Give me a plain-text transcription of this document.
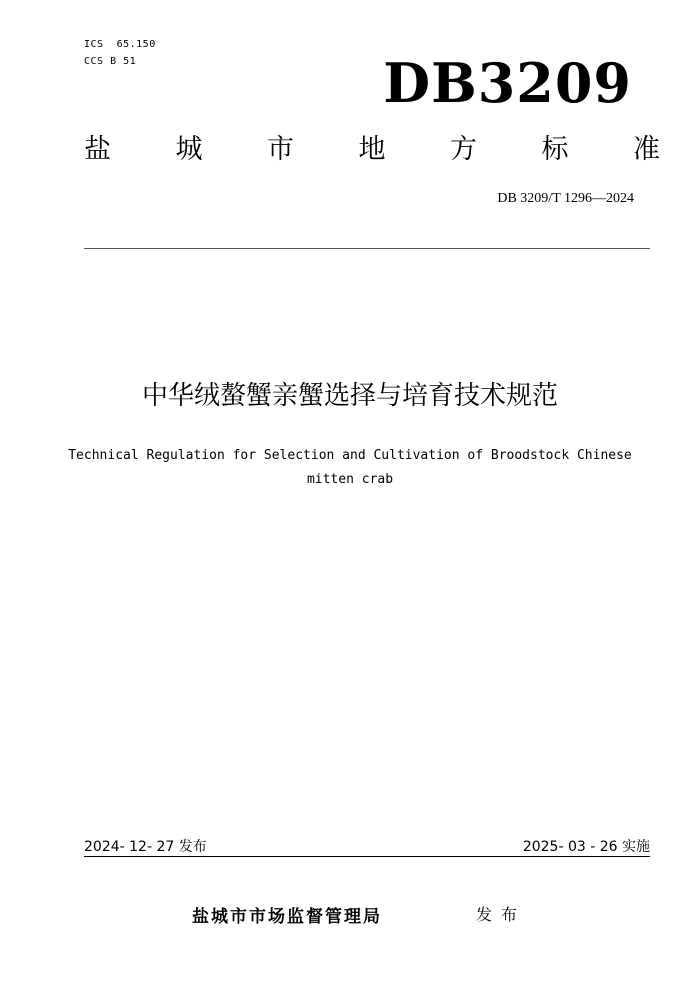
ICS  65.150
CCS B 51	DB3209
盐 城 市 地 方 标 准
DB 3209/T 1296—2024
中华绒螯蟹亲蟹选择与培育技术规范
Technical Regulation for Selection and Cultivation of Broodstock Chinese
mitten crab
2024- 12- 27 发布	2025- 03 - 26 实施
盐城市市场监督管理局	发布
